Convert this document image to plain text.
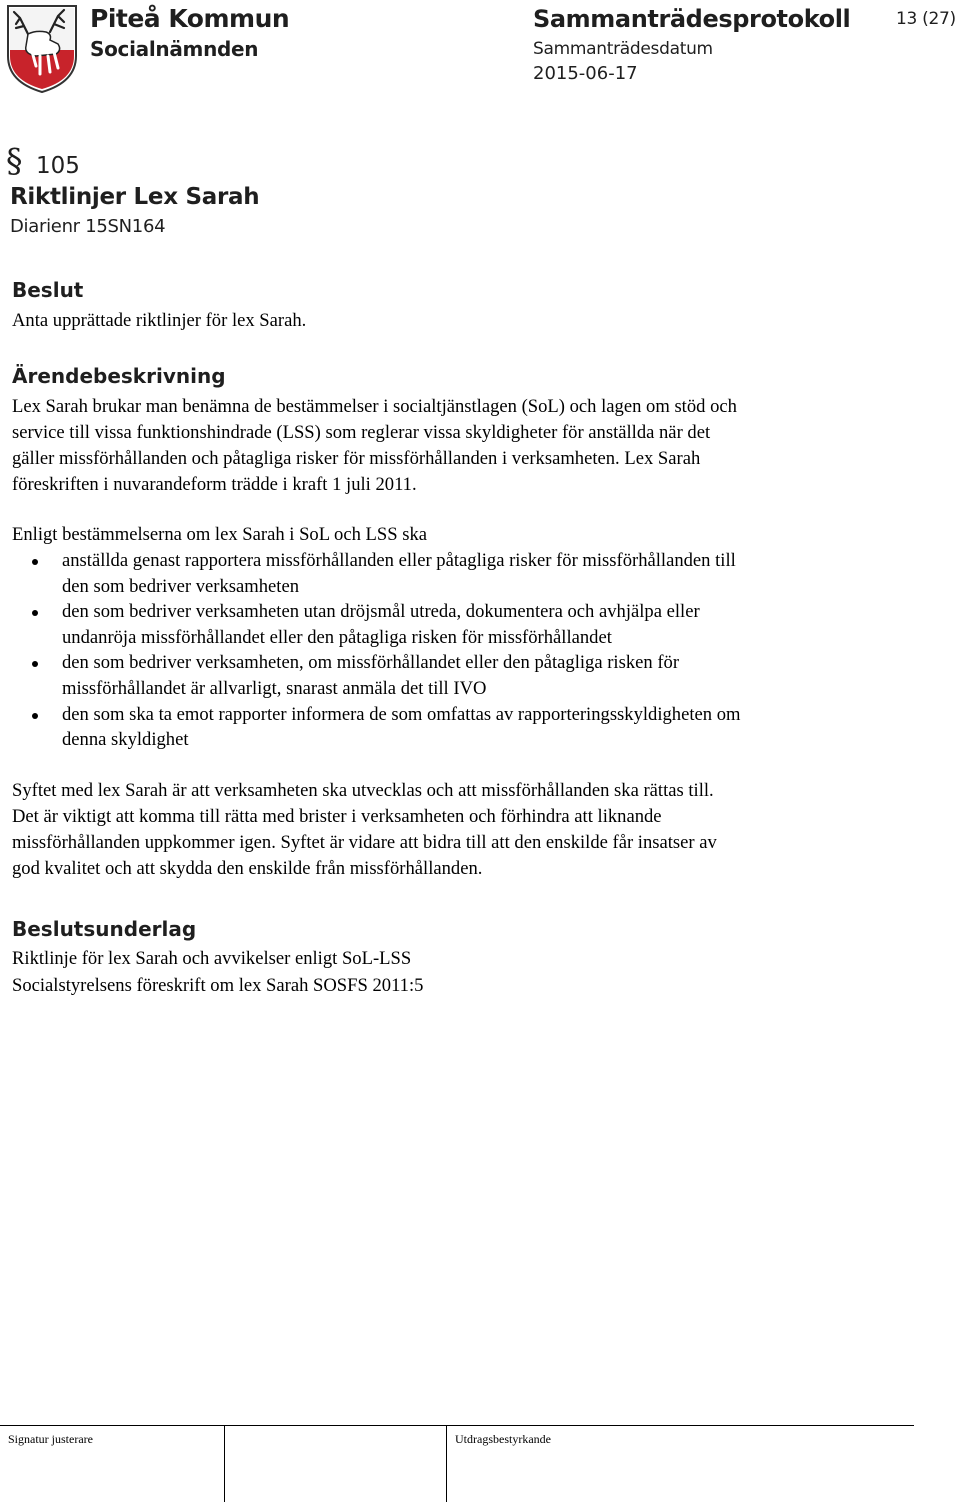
Piteå Kommun
Socialnämnden
Sammanträdesprotokoll
Sammanträdesdatum
2015-06-17
13 (27)
§ 105
Riktlinjer Lex Sarah
Diarienr 15SN164
Beslut
Anta upprättade riktlinjer för lex Sarah.
Ärendebeskrivning
Lex Sarah brukar man benämna de bestämmelser i socialtjänstlagen (SoL) och lagen om stöd och
service till vissa funktionshindrade (LSS) som reglerar vissa skyldigheter för anställda när det
gäller missförhållanden och påtagliga risker för missförhållanden i verksamheten. Lex Sarah
föreskriften i nuvarandeform trädde i kraft 1 juli 2011.
Enligt bestämmelserna om lex Sarah i SoL och LSS ska
anställda genast rapportera missförhållanden eller påtagliga risker för missförhållanden till
den som bedriver verksamheten
den som bedriver verksamheten utan dröjsmål utreda, dokumentera och avhjälpa eller
undanröja missförhållandet eller den påtagliga risken för missförhållandet
den som bedriver verksamheten, om missförhållandet eller den påtagliga risken för
missförhållandet är allvarligt, snarast anmäla det till IVO
den som ska ta emot rapporter informera de som omfattas av rapporteringsskyldigheten om
denna skyldighet
Syftet med lex Sarah är att verksamheten ska utvecklas och att missförhållanden ska rättas till.
Det är viktigt att komma till rätta med brister i verksamheten och förhindra att liknande
missförhållanden uppkommer igen. Syftet är vidare att bidra till att den enskilde får insatser av
god kvalitet och att skydda den enskilde från missförhållanden.
Beslutsunderlag
Riktlinje för lex Sarah och avvikelser enligt SoL-LSS
Socialstyrelsens föreskrift om lex Sarah SOSFS 2011:5
Signatur justerare	Utdragsbestyrkande
